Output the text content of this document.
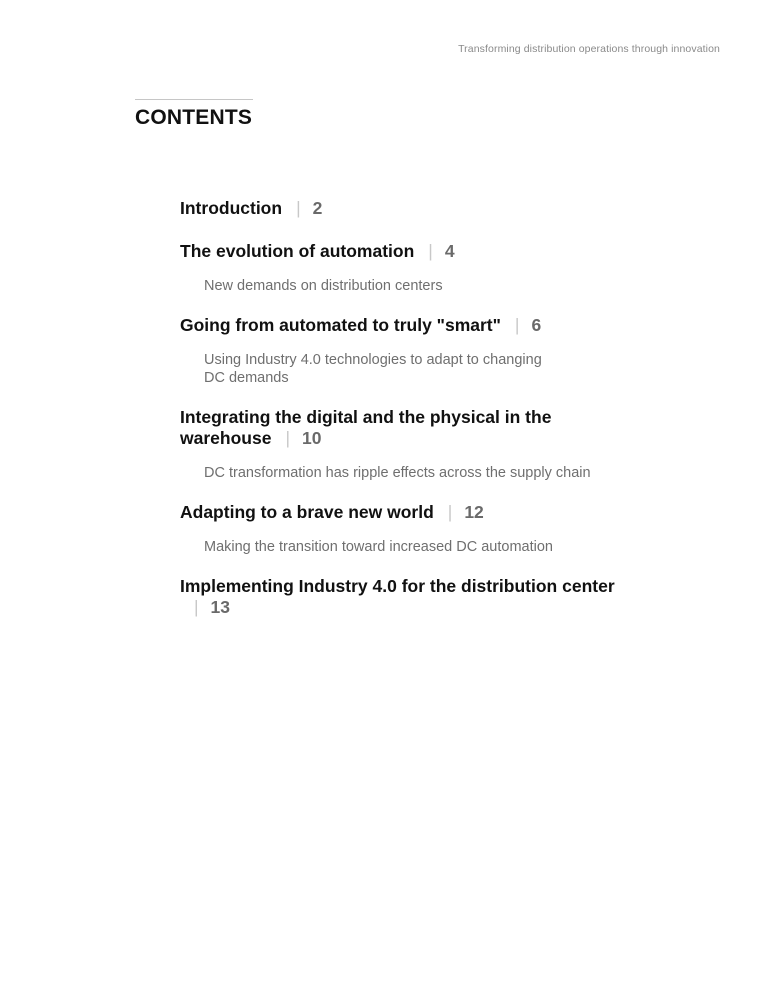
Transforming distribution operations through innovation
CONTENTS
Introduction | 2
The evolution of automation | 4
New demands on distribution centers
Going from automated to truly "smart" | 6
Using Industry 4.0 technologies to adapt to changing DC demands
Integrating the digital and the physical in the warehouse | 10
DC transformation has ripple effects across the supply chain
Adapting to a brave new world | 12
Making the transition toward increased DC automation
Implementing Industry 4.0 for the distribution center| 13
